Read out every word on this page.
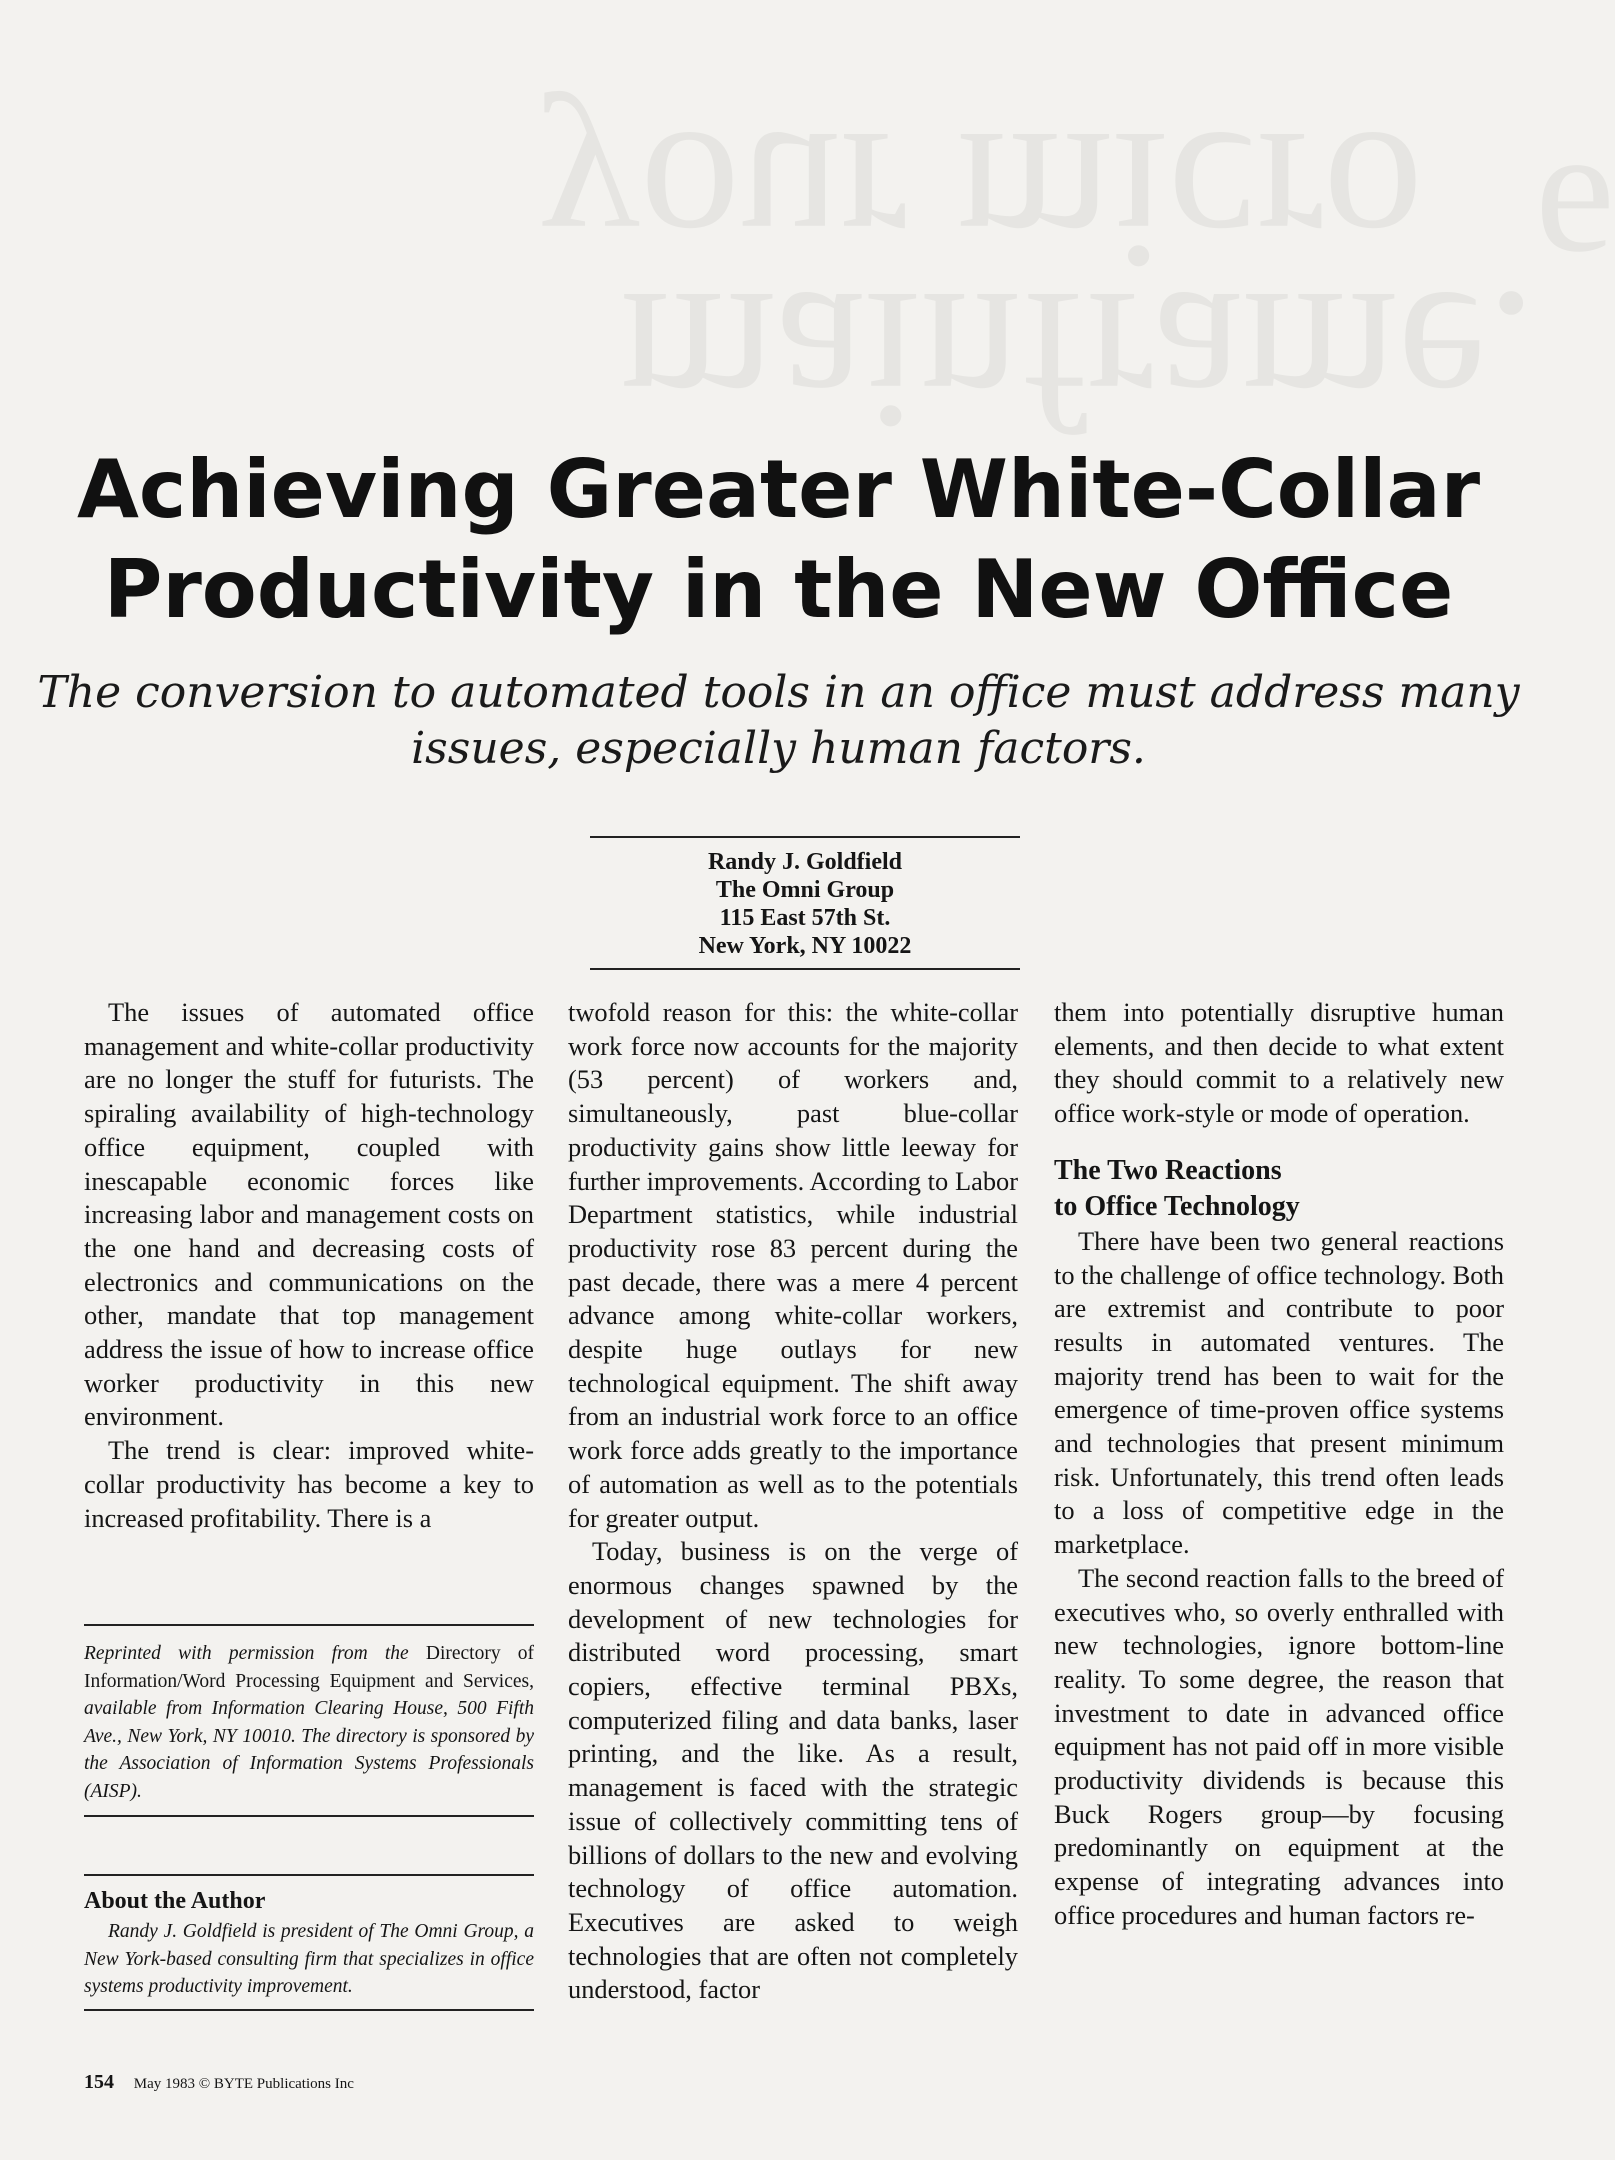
your micro
mainframe.
e
Achieving Greater White-Collar
Productivity in the New Office
The conversion to automated tools in an office must address many issues, especially human factors.
Randy J. Goldfield
The Omni Group
115 East 57th St.
New York, NY 10022

The issues of automated office management and white-collar productivity are no longer the stuff for futurists. The spiraling availability of high-technology office equipment, coupled with inescapable economic forces like increasing labor and management costs on the one hand and decreasing costs of electronics and communications on the other, mandate that top management address the issue of how to increase office worker productivity in this new environment.

The trend is clear: improved white-collar productivity has become a key to increased profitability. There is a

twofold reason for this: the white-collar work force now accounts for the majority (53 percent) of workers and, simultaneously, past blue-collar productivity gains show little leeway for further improvements. According to Labor Department statistics, while industrial productivity rose 83 percent during the past decade, there was a mere 4 percent advance among white-collar workers, despite huge outlays for new technological equipment. The shift away from an industrial work force to an office work force adds greatly to the importance of automation as well as to the potentials for greater output.

Today, business is on the verge of enormous changes spawned by the development of new technologies for distributed word processing, smart copiers, effective terminal PBXs, computerized filing and data banks, laser printing, and the like. As a result, management is faced with the strategic issue of collectively committing tens of billions of dollars to the new and evolving technology of office automation. Executives are asked to weigh technologies that are often not completely understood, factor

them into potentially disruptive human elements, and then decide to what extent they should commit to a relatively new office work-style or mode of operation.

The Two Reactions
to Office Technology

There have been two general reactions to the challenge of office technology. Both are extremist and contribute to poor results in automated ventures. The majority trend has been to wait for the emergence of time-proven office systems and technologies that present minimum risk. Unfortunately, this trend often leads to a loss of competitive edge in the marketplace.

The second reaction falls to the breed of executives who, so overly enthralled with new technologies, ignore bottom-line reality. To some degree, the reason that investment to date in advanced office equipment has not paid off in more visible productivity dividends is because this Buck Rogers group—by focusing predominantly on equipment at the expense of integrating advances into office procedures and human factors re-

Reprinted with permission from the Directory of Information/Word Processing Equipment and Services, available from Information Clearing House, 500 Fifth Ave., New York, NY 10010. The directory is sponsored by the Association of Information Systems Professionals (AISP).
About the Author

Randy J. Goldfield is president of The Omni Group, a New York-based consulting firm that specializes in office systems productivity improvement.

154 May 1983 © BYTE Publications Inc
